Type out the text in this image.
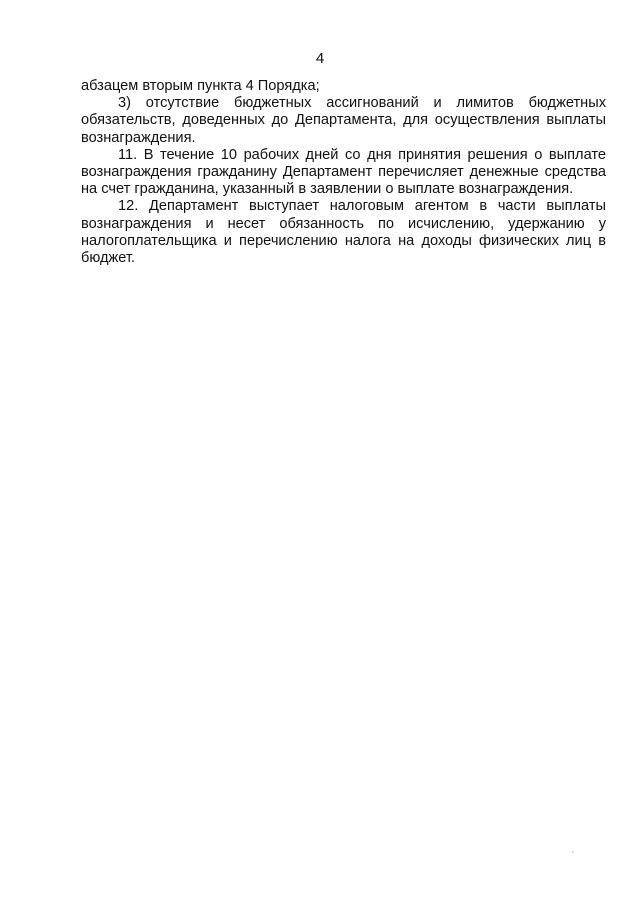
4

абзацем вторым пункта 4 Порядка;

3) отсутствие бюджетных ассигнований и лимитов бюджетных обязательств, доведенных до Департамента, для осуществления выплаты вознаграждения.

11. В течение 10 рабочих дней со дня принятия решения о выплате вознаграждения гражданину Департамент перечисляет денежные средства на счет гражданина, указанный в заявлении о выплате вознаграждения.

12. Департамент выступает налоговым агентом в части выплаты вознаграждения и несет обязанность по исчислению, удержанию у налогоплательщика и перечислению налога на доходы физических лиц в бюджет.
